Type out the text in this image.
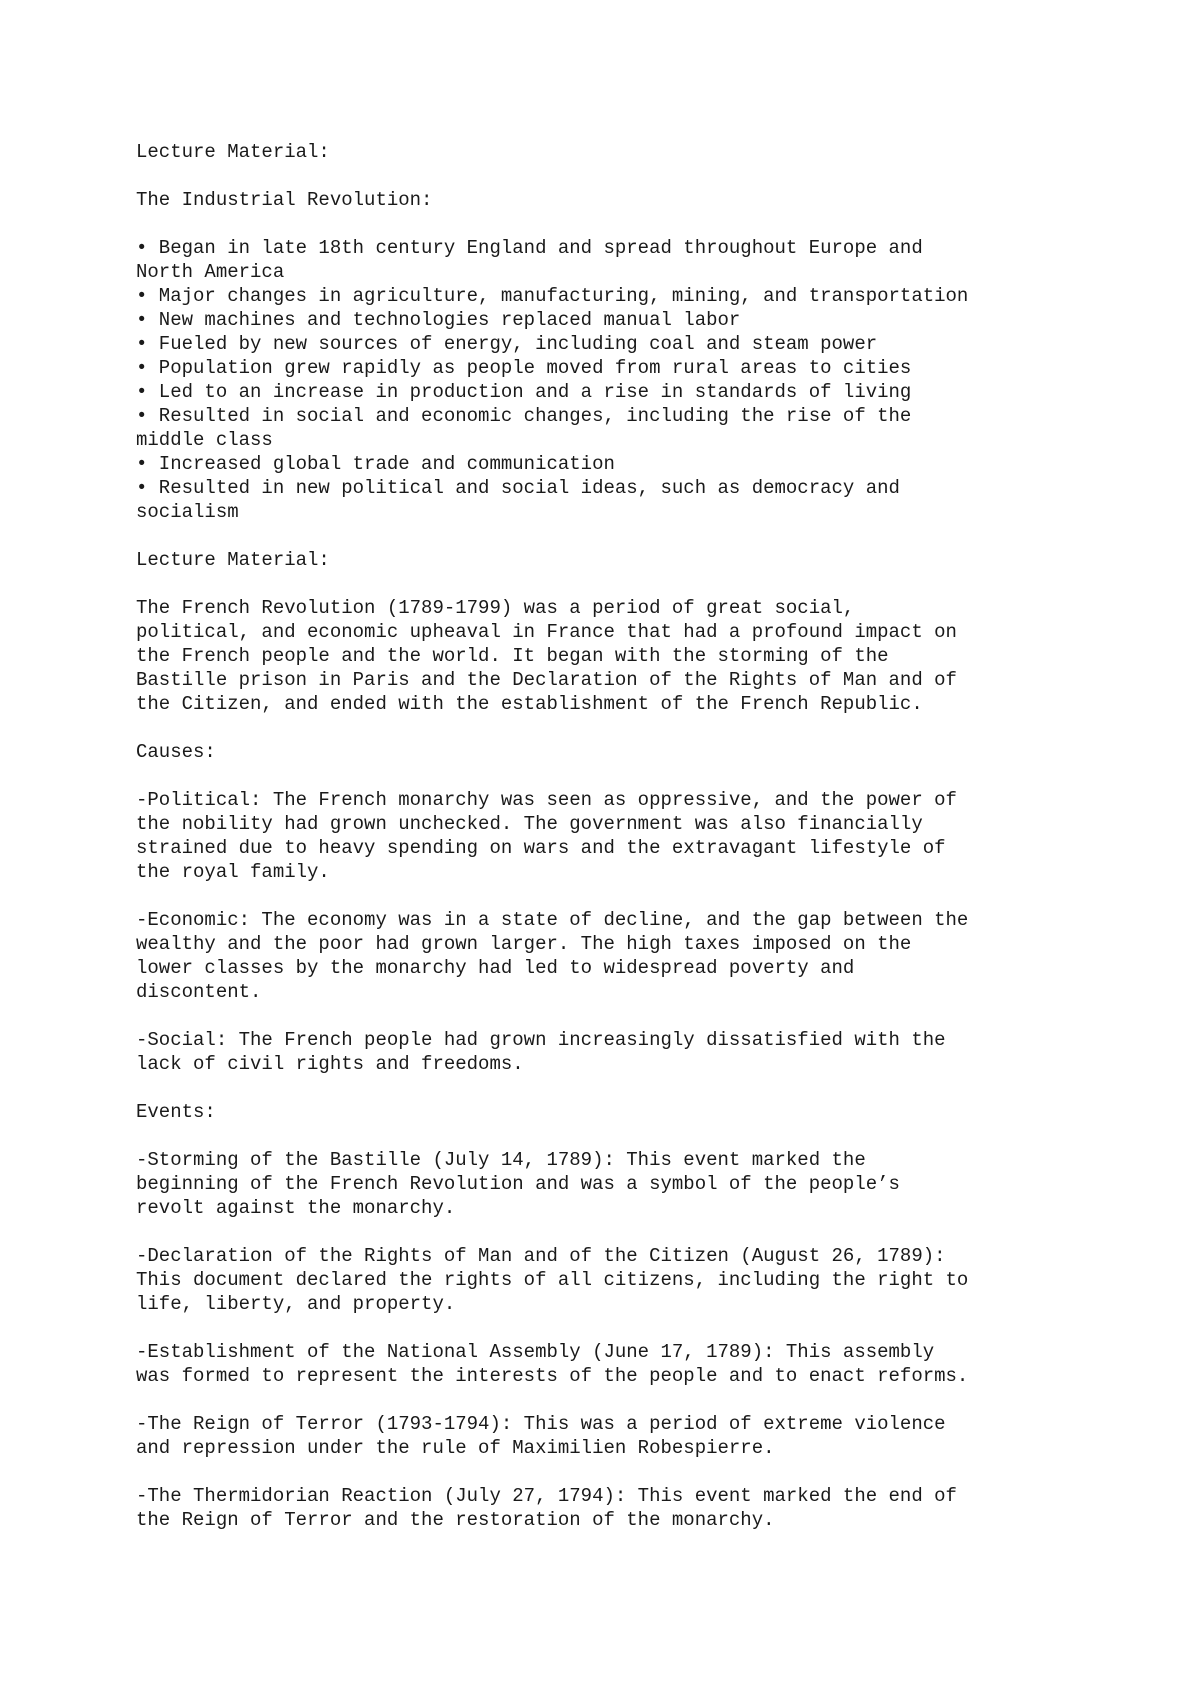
Lecture Material:
The Industrial Revolution:
• Began in late 18th century England and spread throughout Europe and
North America
• Major changes in agriculture, manufacturing, mining, and transportation
• New machines and technologies replaced manual labor
• Fueled by new sources of energy, including coal and steam power
• Population grew rapidly as people moved from rural areas to cities
• Led to an increase in production and a rise in standards of living
• Resulted in social and economic changes, including the rise of the
middle class
• Increased global trade and communication
• Resulted in new political and social ideas, such as democracy and
socialism
Lecture Material:
The French Revolution (1789-1799) was a period of great social,
political, and economic upheaval in France that had a profound impact on
the French people and the world. It began with the storming of the
Bastille prison in Paris and the Declaration of the Rights of Man and of
the Citizen, and ended with the establishment of the French Republic.
Causes:
-Political: The French monarchy was seen as oppressive, and the power of
the nobility had grown unchecked. The government was also financially
strained due to heavy spending on wars and the extravagant lifestyle of
the royal family.
-Economic: The economy was in a state of decline, and the gap between the
wealthy and the poor had grown larger. The high taxes imposed on the
lower classes by the monarchy had led to widespread poverty and
discontent.
-Social: The French people had grown increasingly dissatisfied with the
lack of civil rights and freedoms.
Events:
-Storming of the Bastille (July 14, 1789): This event marked the
beginning of the French Revolution and was a symbol of the people’s
revolt against the monarchy.
-Declaration of the Rights of Man and of the Citizen (August 26, 1789):
This document declared the rights of all citizens, including the right to
life, liberty, and property.
-Establishment of the National Assembly (June 17, 1789): This assembly
was formed to represent the interests of the people and to enact reforms.
-The Reign of Terror (1793-1794): This was a period of extreme violence
and repression under the rule of Maximilien Robespierre.
-The Thermidorian Reaction (July 27, 1794): This event marked the end of
the Reign of Terror and the restoration of the monarchy.
